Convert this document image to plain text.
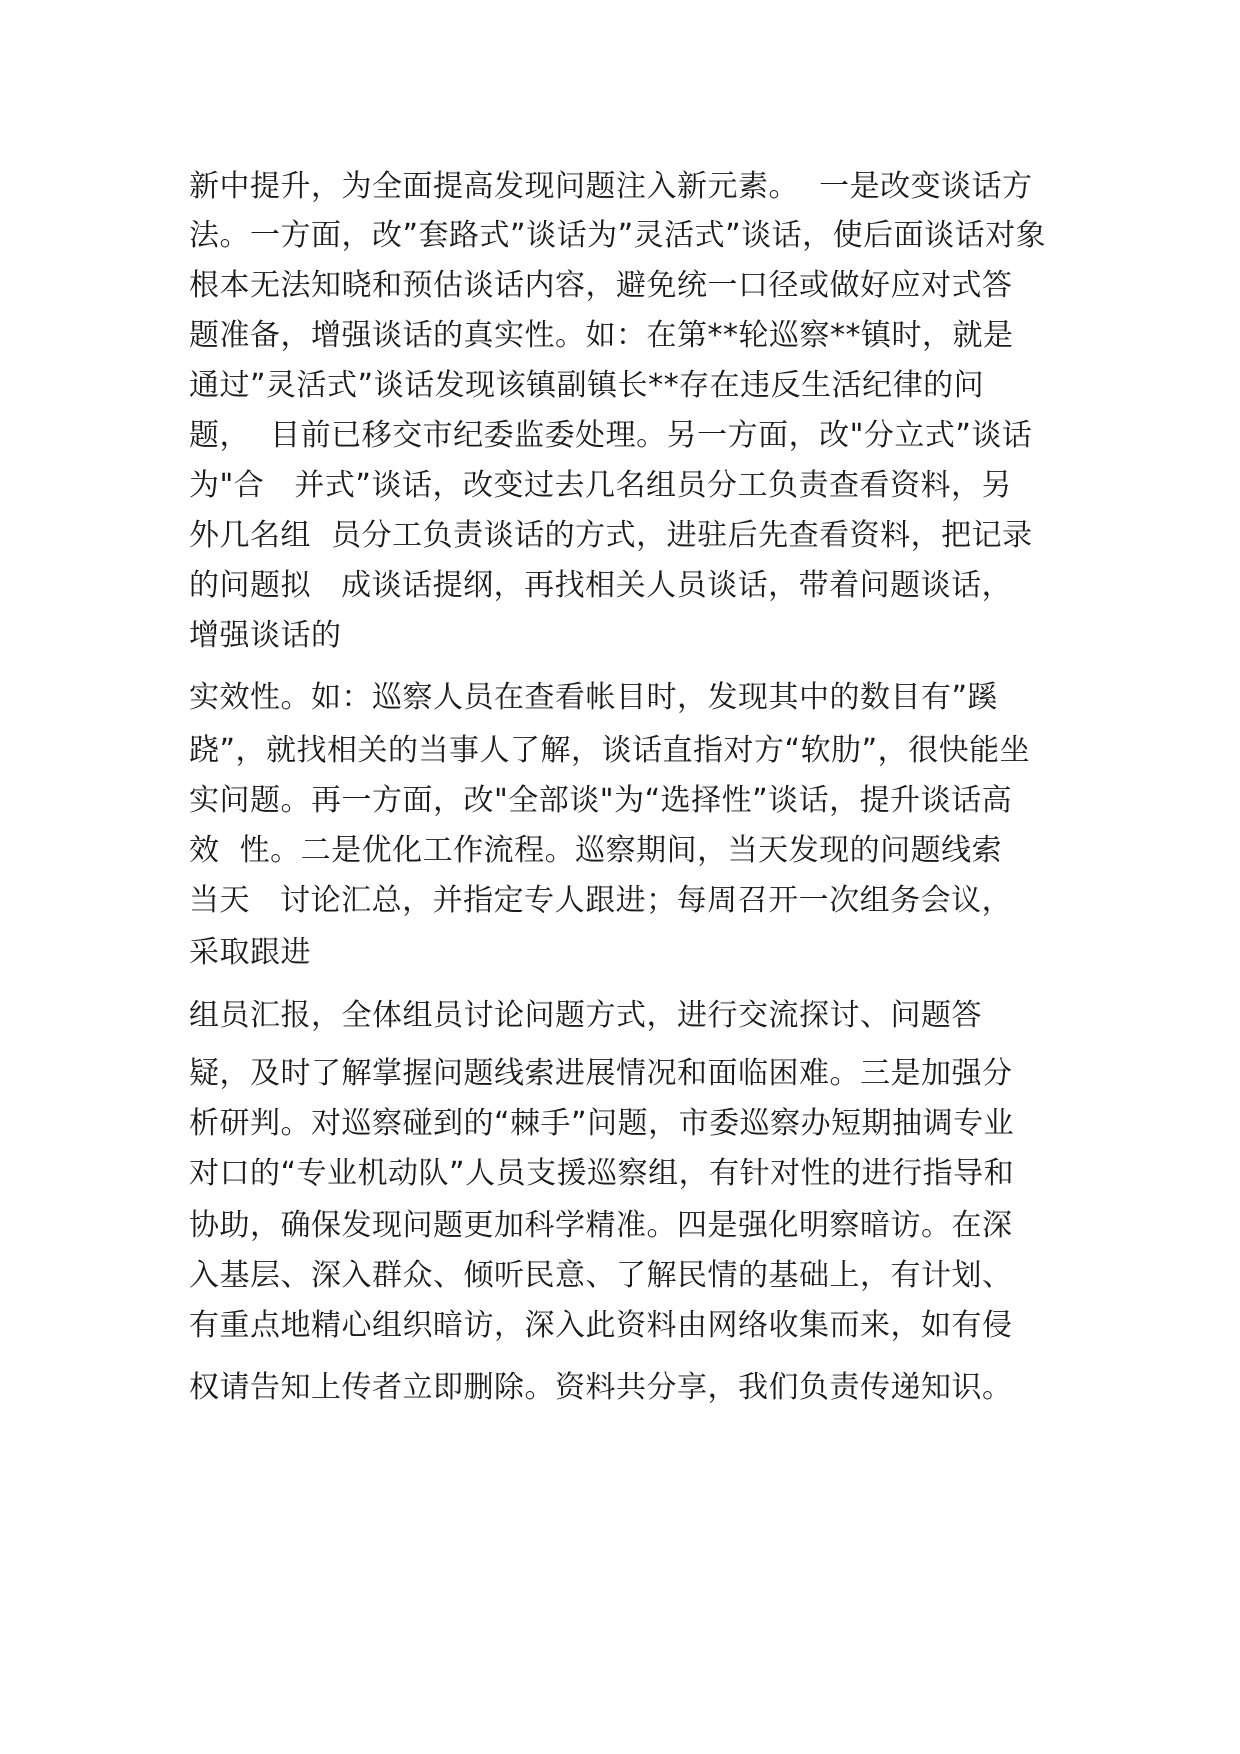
新中提升，为全面提高发现问题注入新元素。  一是改变谈话方
法。一方面，改”套路式”谈话为”灵活式”谈话，使后面谈话对象
根本无法知晓和预估谈话内容，避免统一口径或做好应对式答
题准备，增强谈话的真实性。如：在第**轮巡察**镇时，就是
通过”灵活式”谈话发现该镇副镇长**存在违反生活纪律的问
题，  目前已移交市纪委监委处理。另一方面，改"分立式”谈话
为"合   并式”谈话，改变过去几名组员分工负责查看资料，另
外几名组  员分工负责谈话的方式，进驻后先查看资料，把记录
的问题拟   成谈话提纲，再找相关人员谈话，带着问题谈话，
增强谈话的
实效性。如：巡察人员在查看帐目时，发现其中的数目有”蹊
跷”，就找相关的当事人了解，谈话直指对方“软肋”，很快能坐
实问题。再一方面，改"全部谈"为“选择性”谈话，提升谈话高
效  性。二是优化工作流程。巡察期间，当天发现的问题线索
当天   讨论汇总，并指定专人跟进；每周召开一次组务会议，
采取跟进
组员汇报，全体组员讨论问题方式，进行交流探讨、问题答
疑，及时了解掌握问题线索进展情况和面临困难。三是加强分
析研判。对巡察碰到的“棘手”问题，市委巡察办短期抽调专业
对口的“专业机动队”人员支援巡察组，有针对性的进行指导和
协助，确保发现问题更加科学精准。四是强化明察暗访。在深
入基层、深入群众、倾听民意、了解民情的基础上，有计划、
有重点地精心组织暗访，深入此资料由网络收集而来，如有侵
权请告知上传者立即删除。资料共分享，我们负责传递知识。
